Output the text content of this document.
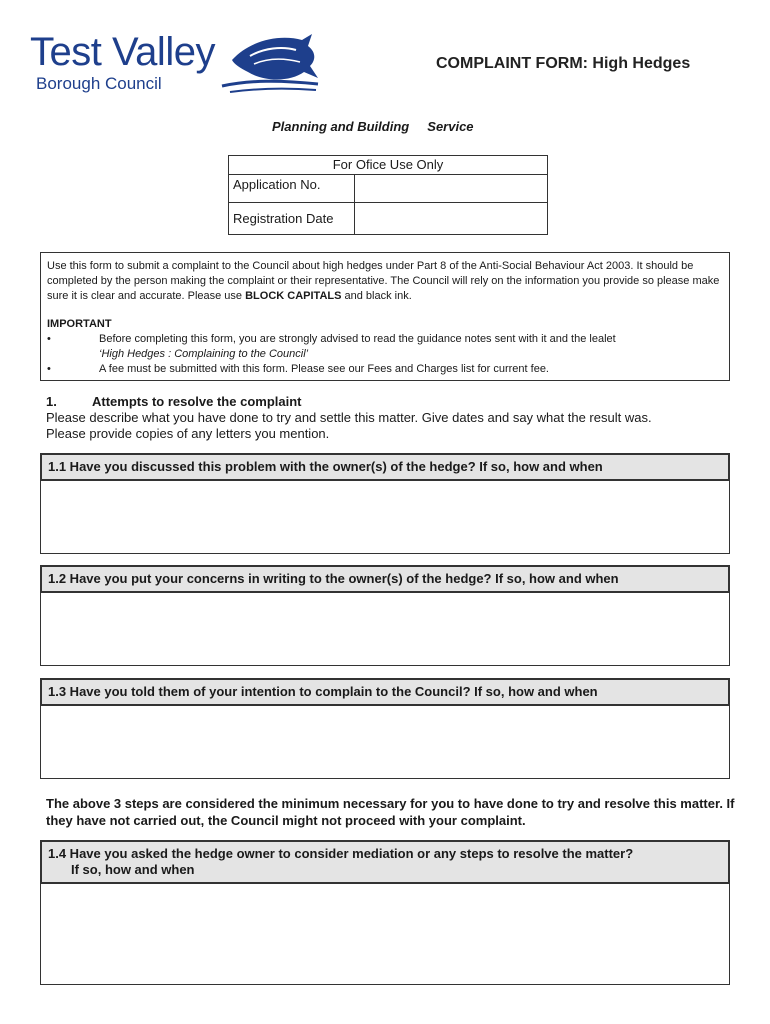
Test Valley
Borough Council
COMPLAINT FORM: High Hedges
Planning and Building     Service
For Ofice Use Only	
Application No.	
Registration Date	

Use this form to submit a complaint to the Council about high hedges under Part 8 of the Anti-Social Behaviour Act 2003. It should be completed by the person making the complaint or their representative. The Council will rely on the information you provide so please make sure it is clear and accurate. Please use BLOCK CAPITALS and black ink.

IMPORTANT

•	Before completing this form, you are strongly advised to read the guidance notes sent with it and the lealet
‘High Hedges : Complaining to the Council’
•	A fee must be submitted with this form. Please see our Fees and Charges list for current fee.
1.	Attempts to resolve the complaint
Please describe what you have done to try and settle this matter. Give dates and say what the result was.
Please provide copies of any letters you mention.
1.1 Have you discussed this problem with the owner(s) of the hedge? If so, how and when
1.2 Have you put your concerns in writing to the owner(s) of the hedge? If so, how and when
1.3 Have you told them of your intention to complain to the Council? If so, how and when
The above 3 steps are considered the minimum necessary for you to have done to try and resolve this matter. If they have not carried out, the Council might not proceed with your complaint.
1.4 Have you asked the hedge owner to consider mediation or any steps to resolve the matter?
If so, how and when
